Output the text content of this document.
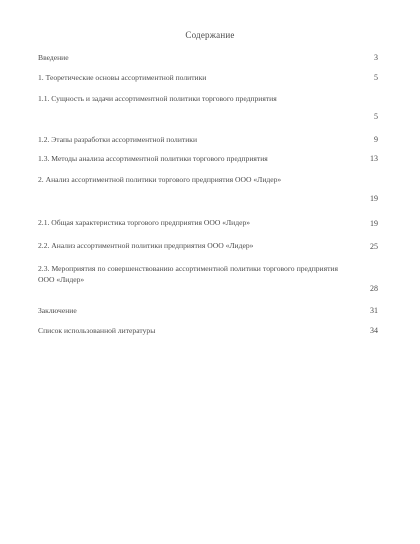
Содержание
Введение	3
1. Теоретические основы ассортиментной политики	5
1.1. Сущность и задачи ассортиментной политики торгового предприятия
5
1.2. Этапы разработки ассортиментной политики	9
1.3. Методы анализа ассортиментной политики торгового предприятия	13
2. Анализ ассортиментной политики торгового предприятия ООО «Лидер»
19
2.1. Общая характеристика торгового предприятия ООО «Лидер»	19
2.2. Анализ ассортиментной политики предприятия ООО «Лидер»	25
2.3. Мероприятия по совершенствованию ассортиментной политики торгового предприятия ООО «Лидер»
28
Заключение	31
Список использованной литературы	34
